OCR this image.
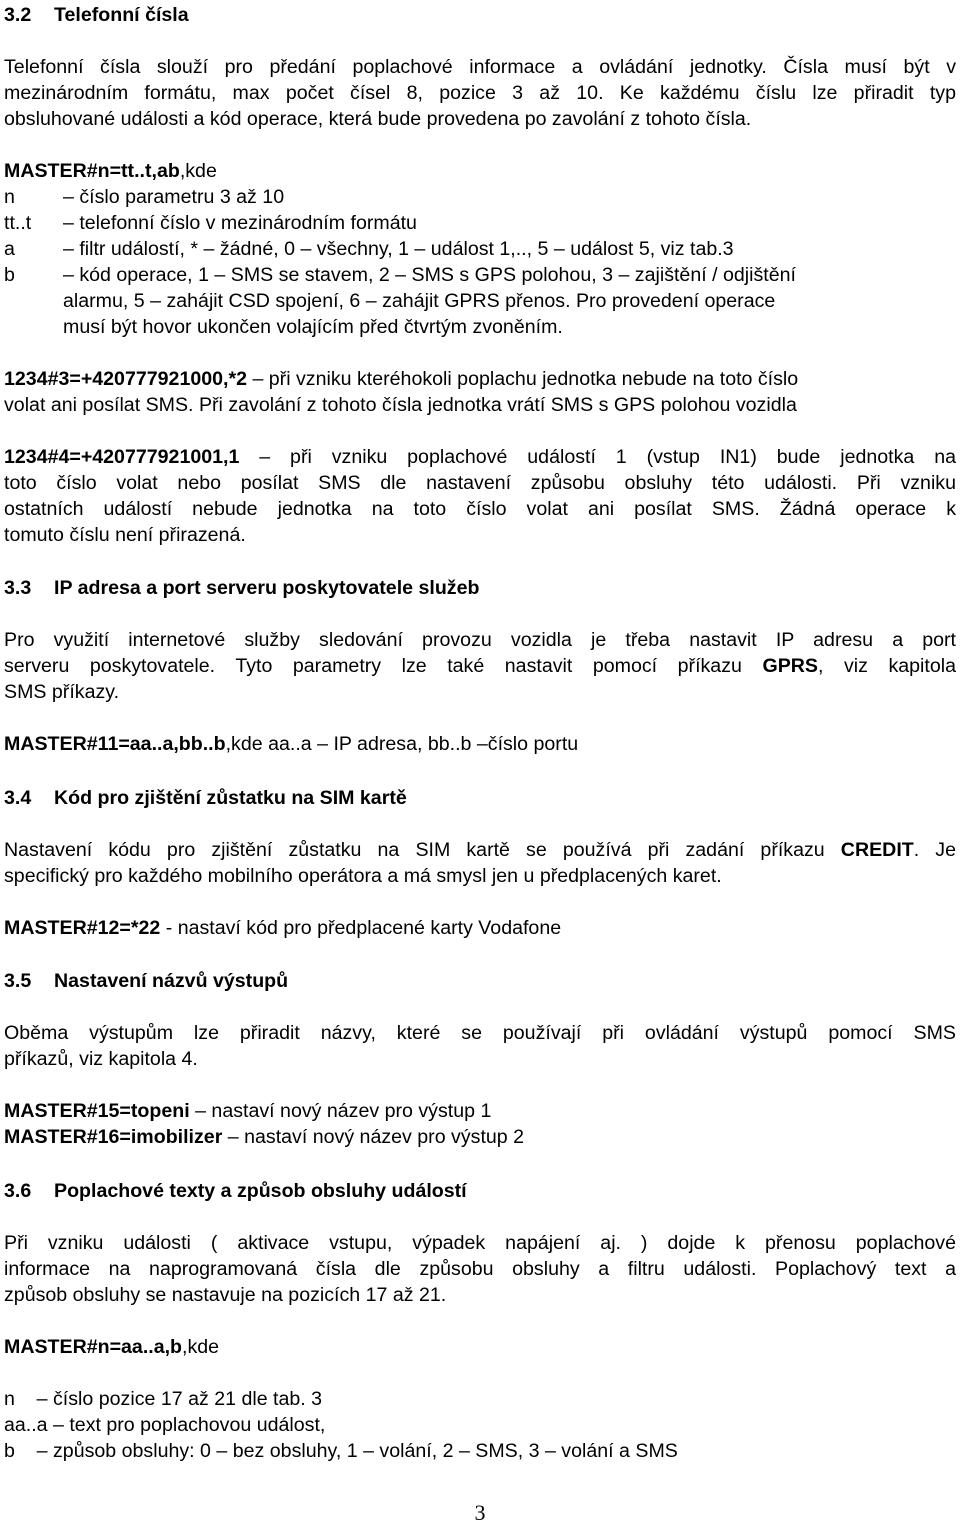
3.2 Telefonní čísla
Telefonní čísla slouží pro předání poplachové informace a ovládání jednotky. Čísla musí být v
mezinárodním formátu, max počet čísel 8, pozice 3 až 10. Ke každému číslu lze přiradit typ
obsluhované události a kód operace, která bude provedena po zavolání z tohoto čísla.
MASTER#n=tt..t,ab,kde
n – číslo parametru 3 až 10
tt..t – telefonní číslo v mezinárodním formátu
a – filtr událostí, * – žádné, 0 – všechny, 1 – událost 1,.., 5 – událost 5, viz tab.3
b – kód operace, 1 – SMS se stavem, 2 – SMS s GPS polohou, 3 – zajištění / odjištění
alarmu, 5 – zahájit CSD spojení, 6 – zahájit GPRS přenos. Pro provedení operace
musí být hovor ukončen volajícím před čtvrtým zvoněním.
1234#3=+420777921000,*2 – při vzniku kteréhokoli poplachu jednotka nebude na toto číslo
volat ani posílat SMS. Při zavolání z tohoto čísla jednotka vrátí SMS s GPS polohou vozidla
1234#4=+420777921001,1 – při vzniku poplachové událostí 1 (vstup IN1) bude jednotka na
toto číslo volat nebo posílat SMS dle nastavení způsobu obsluhy této události. Při vzniku
ostatních událostí nebude jednotka na toto číslo volat ani posílat SMS. Žádná operace k
tomuto číslu není přirazená.
3.3 IP adresa a port serveru poskytovatele služeb
Pro využití internetové služby sledování provozu vozidla je třeba nastavit IP adresu a port
serveru poskytovatele. Tyto parametry lze také nastavit pomocí příkazu GPRS, viz kapitola
SMS příkazy.
MASTER#11=aa..a,bb..b,kde aa..a – IP adresa, bb..b –číslo portu
3.4 Kód pro zjištění zůstatku na SIM kartě
Nastavení kódu pro zjištění zůstatku na SIM kartě se používá při zadání příkazu CREDIT. Je
specifický pro každého mobilního operátora a má smysl jen u předplacených karet.
MASTER#12=*22 - nastaví kód pro předplacené karty Vodafone
3.5 Nastavení názvů výstupů
Oběma výstupům lze přiradit názvy, které se používají při ovládání výstupů pomocí SMS
příkazů, viz kapitola 4.
MASTER#15=topeni – nastaví nový název pro výstup 1
MASTER#16=imobilizer – nastaví nový název pro výstup 2
3.6 Poplachové texty a způsob obsluhy událostí
Při vzniku události ( aktivace vstupu, výpadek napájení aj. ) dojde k přenosu poplachové
informace na naprogramovaná čísla dle způsobu obsluhy a filtru události. Poplachový text a
způsob obsluhy se nastavuje na pozicích 17 až 21.
MASTER#n=aa..a,b,kde
n    – číslo pozice 17 až 21 dle tab. 3
aa..a – text pro poplachovou událost,
b    – způsob obsluhy: 0 – bez obsluhy, 1 – volání, 2 – SMS, 3 – volání a SMS
3
